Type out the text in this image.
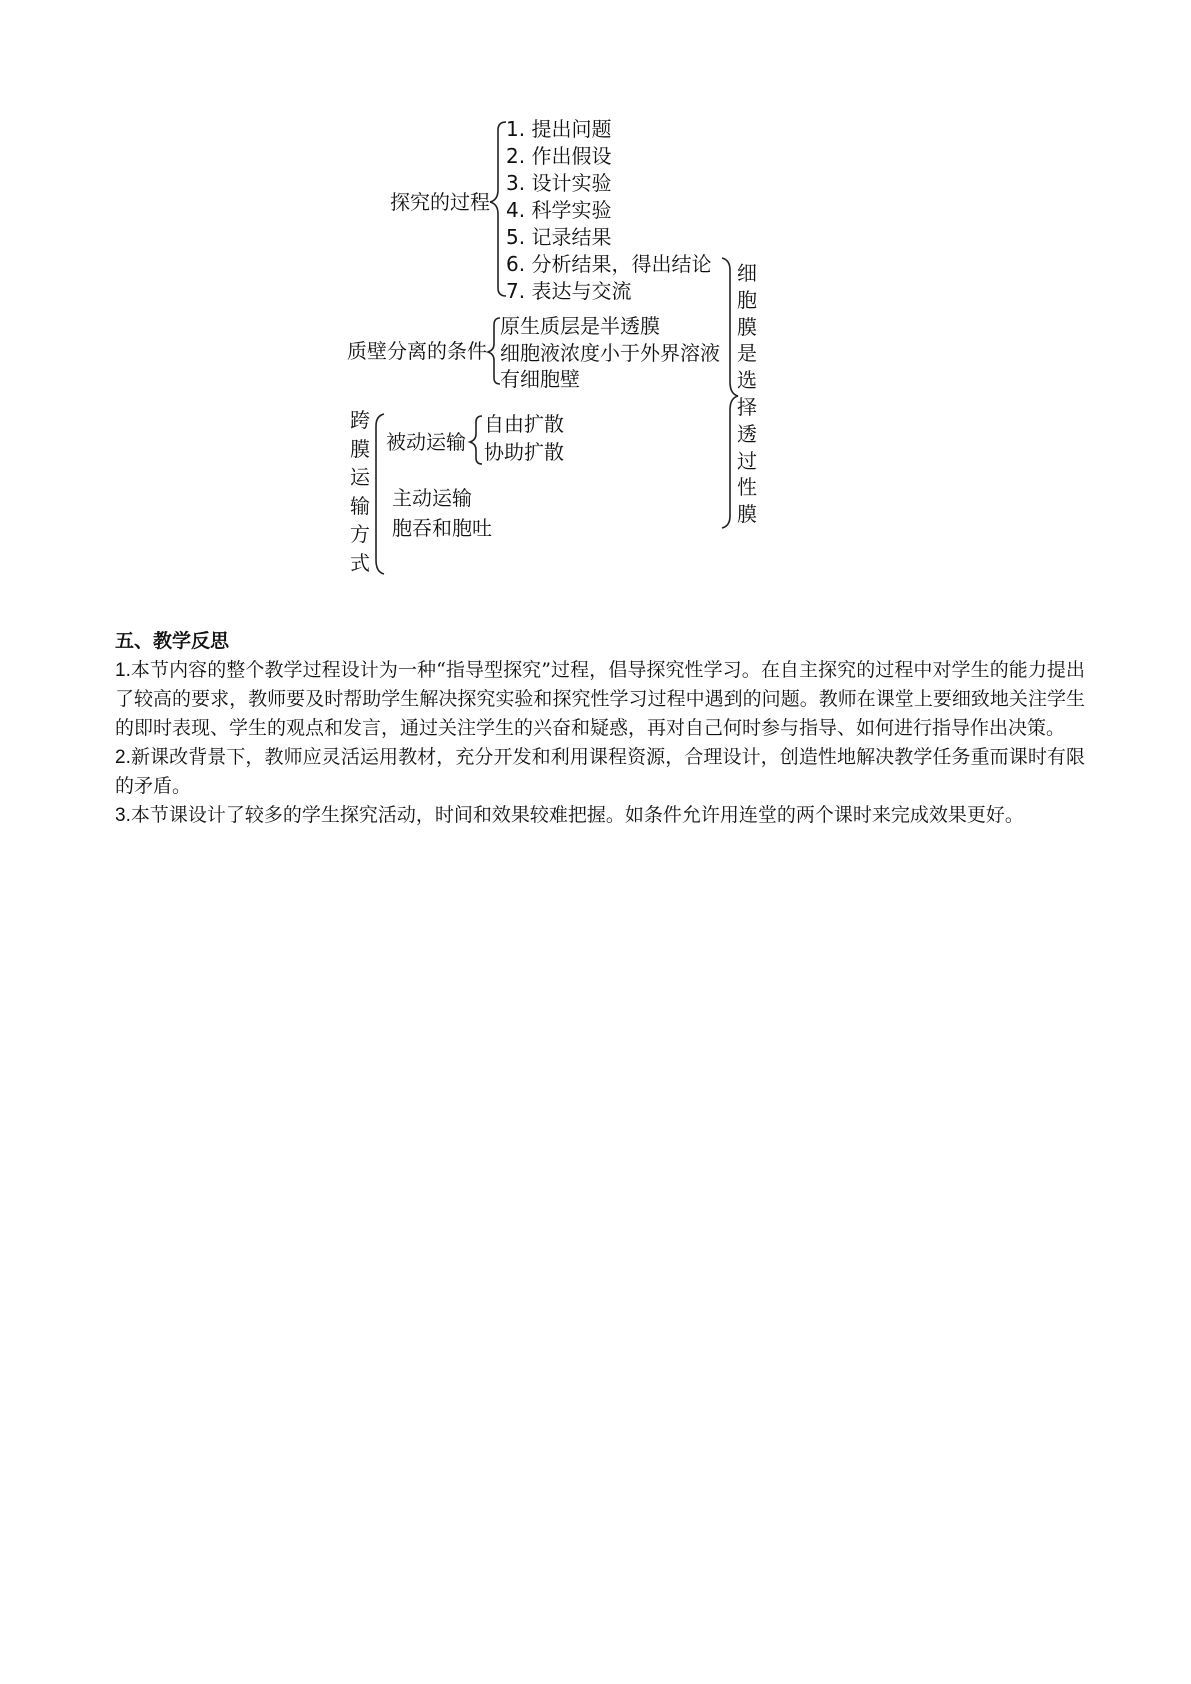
探究的过程
1. 提出问题
2. 作出假设
3. 设计实验
4. 科学实验
5. 记录结果
6. 分析结果，得出结论
7. 表达与交流
质壁分离的条件
原生质层是半透膜
细胞液浓度小于外界溶液
有细胞壁
跨
膜
运
输
方
式
被动运输
自由扩散
协助扩散
主动运输
胞吞和胞吐
细
胞
膜
是
选
择
透
过
性
膜
五、教学反思

1.本节内容的整个教学过程设计为一种“指导型探究”过程，倡导探究性学习。在自主探究的过程中对学生的能力提出了较高的要求，教师要及时帮助学生解决探究实验和探究性学习过程中遇到的问题。教师在课堂上要细致地关注学生的即时表现、学生的观点和发言，通过关注学生的兴奋和疑惑，再对自己何时参与指导、如何进行指导作出决策。

2.新课改背景下，教师应灵活运用教材，充分开发和利用课程资源，合理设计，创造性地解决教学任务重而课时有限的矛盾。

3.本节课设计了较多的学生探究活动，时间和效果较难把握。如条件允许用连堂的两个课时来完成效果更好。
